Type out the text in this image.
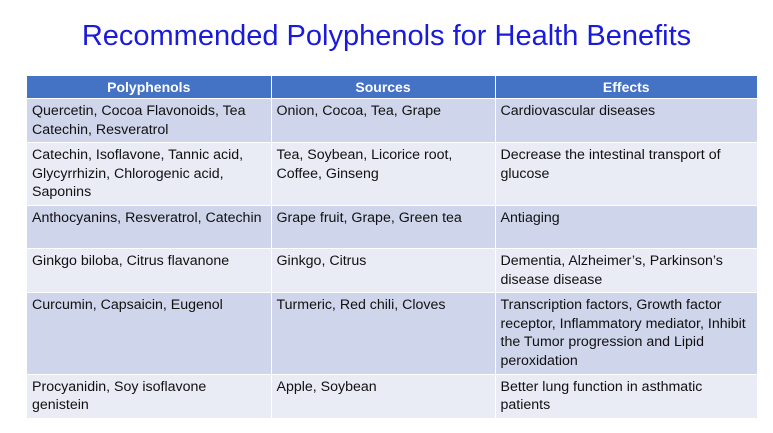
Recommended Polyphenols for Health Benefits
Polyphenols	Sources	Effects
Quercetin, Cocoa Flavonoids, Tea Catechin, Resveratrol	Onion, Cocoa, Tea, Grape	Cardiovascular diseases
Catechin, Isoflavone, Tannic acid, Glycyrrhizin, Chlorogenic acid, Saponins	Tea, Soybean, Licorice root, Coffee, Ginseng	Decrease the intestinal transport of glucose
Anthocyanins, Resveratrol, Catechin	Grape fruit, Grape, Green tea	Antiaging
Ginkgo biloba, Citrus flavanone	Ginkgo, Citrus	Dementia, Alzheimer’s, Parkinson’s disease disease
Curcumin, Capsaicin, Eugenol	Turmeric, Red chili, Cloves	Transcription factors, Growth factor receptor, Inflammatory mediator, Inhibit the Tumor progression and Lipid peroxidation
Procyanidin, Soy isoflavone genistein	Apple, Soybean	Better lung function in asthmatic patients
